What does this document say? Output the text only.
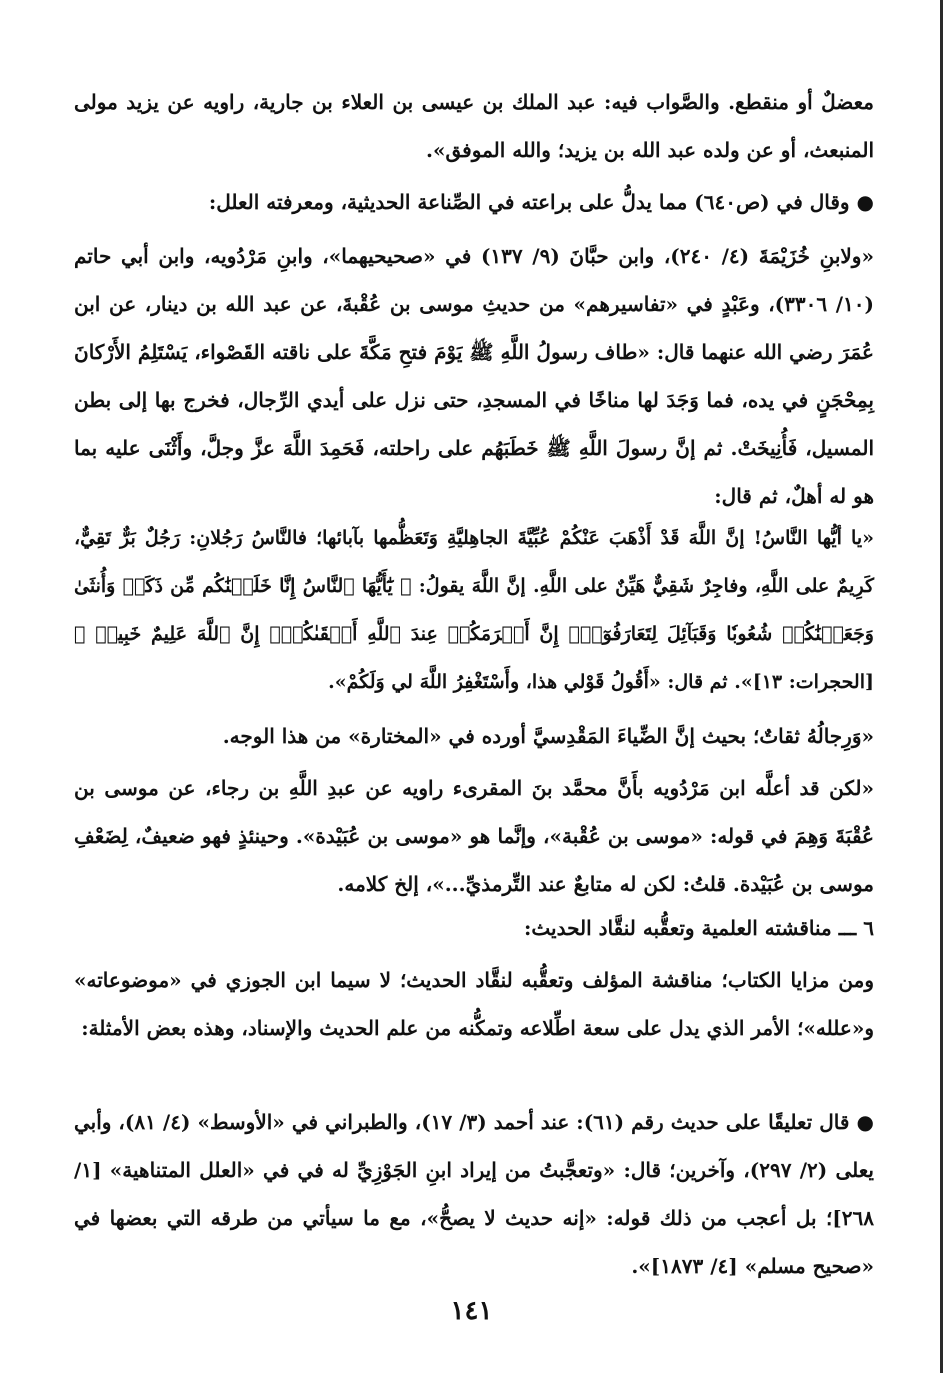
معضلٌ أو منقطع. والصَّواب فيه: عبد الملك بن عيسى بن العلاء بن جارية، راويه عن يزيد مولى المنبعث، أو عن ولده عبد الله بن يزيد؛ والله الموفق».
● وقال في (ص٦٤٠) مما يدلُّ على براعته في الصِّناعة الحديثية، ومعرفته العلل:
«ولابنِ خُزَيْمَةَ (٤/ ٢٤٠)، وابن حبَّانَ (٩/ ١٣٧) في «صحيحيهما»، وابنِ مَرْدُويه، وابن أبي حاتم (١٠/ ٣٣٠٦)، وعَبْدٍ في «تفاسيرهم» من حديثِ موسى بن عُقْبةَ، عن عبد الله بن دينار، عن ابن عُمَرَ رضي الله عنهما قال: «طاف رسولُ اللَّهِ ﷺ يَوْمَ فتحِ مَكَّةَ على ناقته القَصْواء، يَسْتَلِمُ الأَرْكانَ بِمِحْجَنٍ في يده، فما وَجَدَ لها مناخًا في المسجدِ، حتى نزل على أيدي الرِّجال، فخرج بها إلى بطن المسيل، فَأُنِيخَتْ. ثم إنَّ رسولَ اللَّهِ ﷺ خَطَبَهُم على راحلته، فَحَمِدَ اللَّهَ عزَّ وجلَّ، وأَثْنَى عليه بما هو له أهلٌ، ثم قال:
«يا أيُّها النَّاسُ! إنَّ اللَّهَ قَدْ أَذْهَبَ عَنْكُمْ عُبِّيَّةَ الجاهِليَّةِ وَتَعَظُّمها بآبائها؛ فالنَّاسُ رَجُلانِ: رَجُلٌ بَرٌّ تَقِيٌّ، كَرِيمٌ على اللَّهِ، وفاجِرٌ شَقِيٌّ هَيِّنٌ على اللَّهِ. إنَّ اللَّهَ يقولُ: ﴿ يَٰٓأَيُّهَا ٱلنَّاسُ إِنَّا خَلَقۡنَٰكُم مِّن ذَكَرٖ وَأُنثَىٰ وَجَعَلۡنَٰكُمۡ شُعُوبٗا وَقَبَآئِلَ لِتَعَارَفُوٓاْۚ إِنَّ أَكۡرَمَكُمۡ عِندَ ٱللَّهِ أَتۡقَىٰكُمۡۚ إِنَّ ٱللَّهَ عَلِيمٌ خَبِيرٞ ﴾ [الحجرات: ١٣]». ثم قال: «أَقُولُ قَوْلي هذا، وأَسْتَغْفِرُ اللَّهَ لي وَلَكُمْ».
«وَرِجالُهُ ثقاتٌ؛ بحيث إنَّ الضِّياءَ المَقْدِسيَّ أورده في «المختارة» من هذا الوجه.
«لكن قد أعلَّه ابن مَرْدُويه بأَنَّ محمَّد بنَ المقرىء راويه عن عبدِ اللَّهِ بن رجاء، عن موسى بن عُقْبَةَ وَهِمَ في قوله: «موسى بن عُقْبة»، وإنَّما هو «موسى بن عُبَيْدة». وحينئذٍ فهو ضعيفٌ، لِضَعْفِ موسى بن عُبَيْدة. قلتُ: لكن له متابعٌ عند التِّرمذيِّ...»، إلخ كلامه.
٦ ـــ مناقشته العلمية وتعقُّبه لنقَّاد الحديث:
ومن مزايا الكتاب؛ مناقشة المؤلف وتعقُّبه لنقَّاد الحديث؛ لا سيما ابن الجوزي في «موضوعاته» و«علله»؛ الأمر الذي يدل على سعة اطِّلاعه وتمكُّنه من علم الحديث والإسناد، وهذه بعض الأمثلة:
● قال تعليقًا على حديث رقم (٦١): عند أحمد (٣/ ١٧)، والطبراني في «الأوسط» (٤/ ٨١)، وأبي يعلى (٢/ ٢٩٧)، وآخرين؛ قال: «وتعجَّبتُ من إيراد ابنِ الجَوْزِيِّ له في في «العلل المتناهية» [١/ ٢٦٨]؛ بل أعجب من ذلك قوله: «إنه حديث لا يصحُّ»، مع ما سيأتي من طرقه التي بعضها في «صحيح مسلم» [٤/ ١٨٧٣]».
١٤١
